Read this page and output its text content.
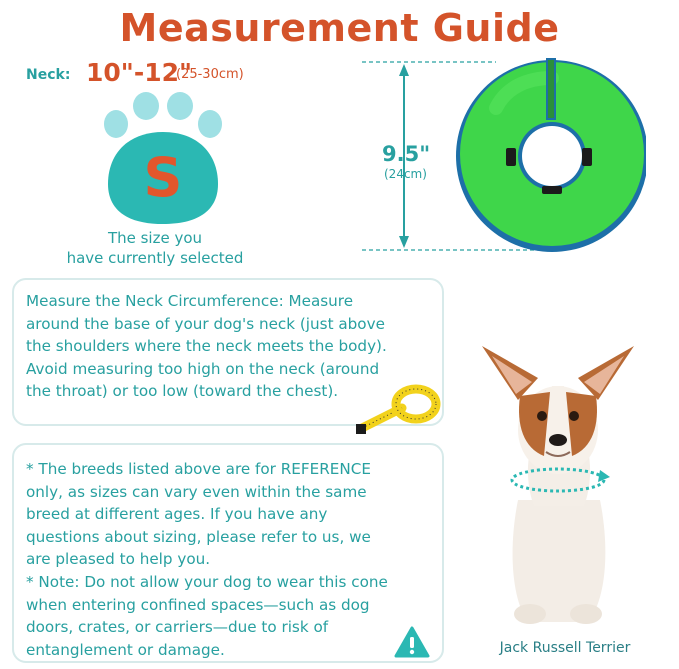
Measurement Guide
Neck: 10"-12"
(25-30cm)
S
The size you
have currently selected
9.5"
(24cm)
Measure the Neck Circumference: Measure
around the base of your dog's neck (just above
the shoulders where the neck meets the body).
Avoid measuring too high on the neck (around
the throat) or too low (toward the chest).
* The breeds listed above are for REFERENCE
only, as sizes can vary even within the same
breed at different ages. If you have any
questions about sizing, please refer to us, we
are pleased to help you.
* Note: Do not allow your dog to wear this cone
when entering confined spaces—such as dog
doors, crates, or carriers—due to risk of
entanglement or damage.	Jack Russell Terrier
